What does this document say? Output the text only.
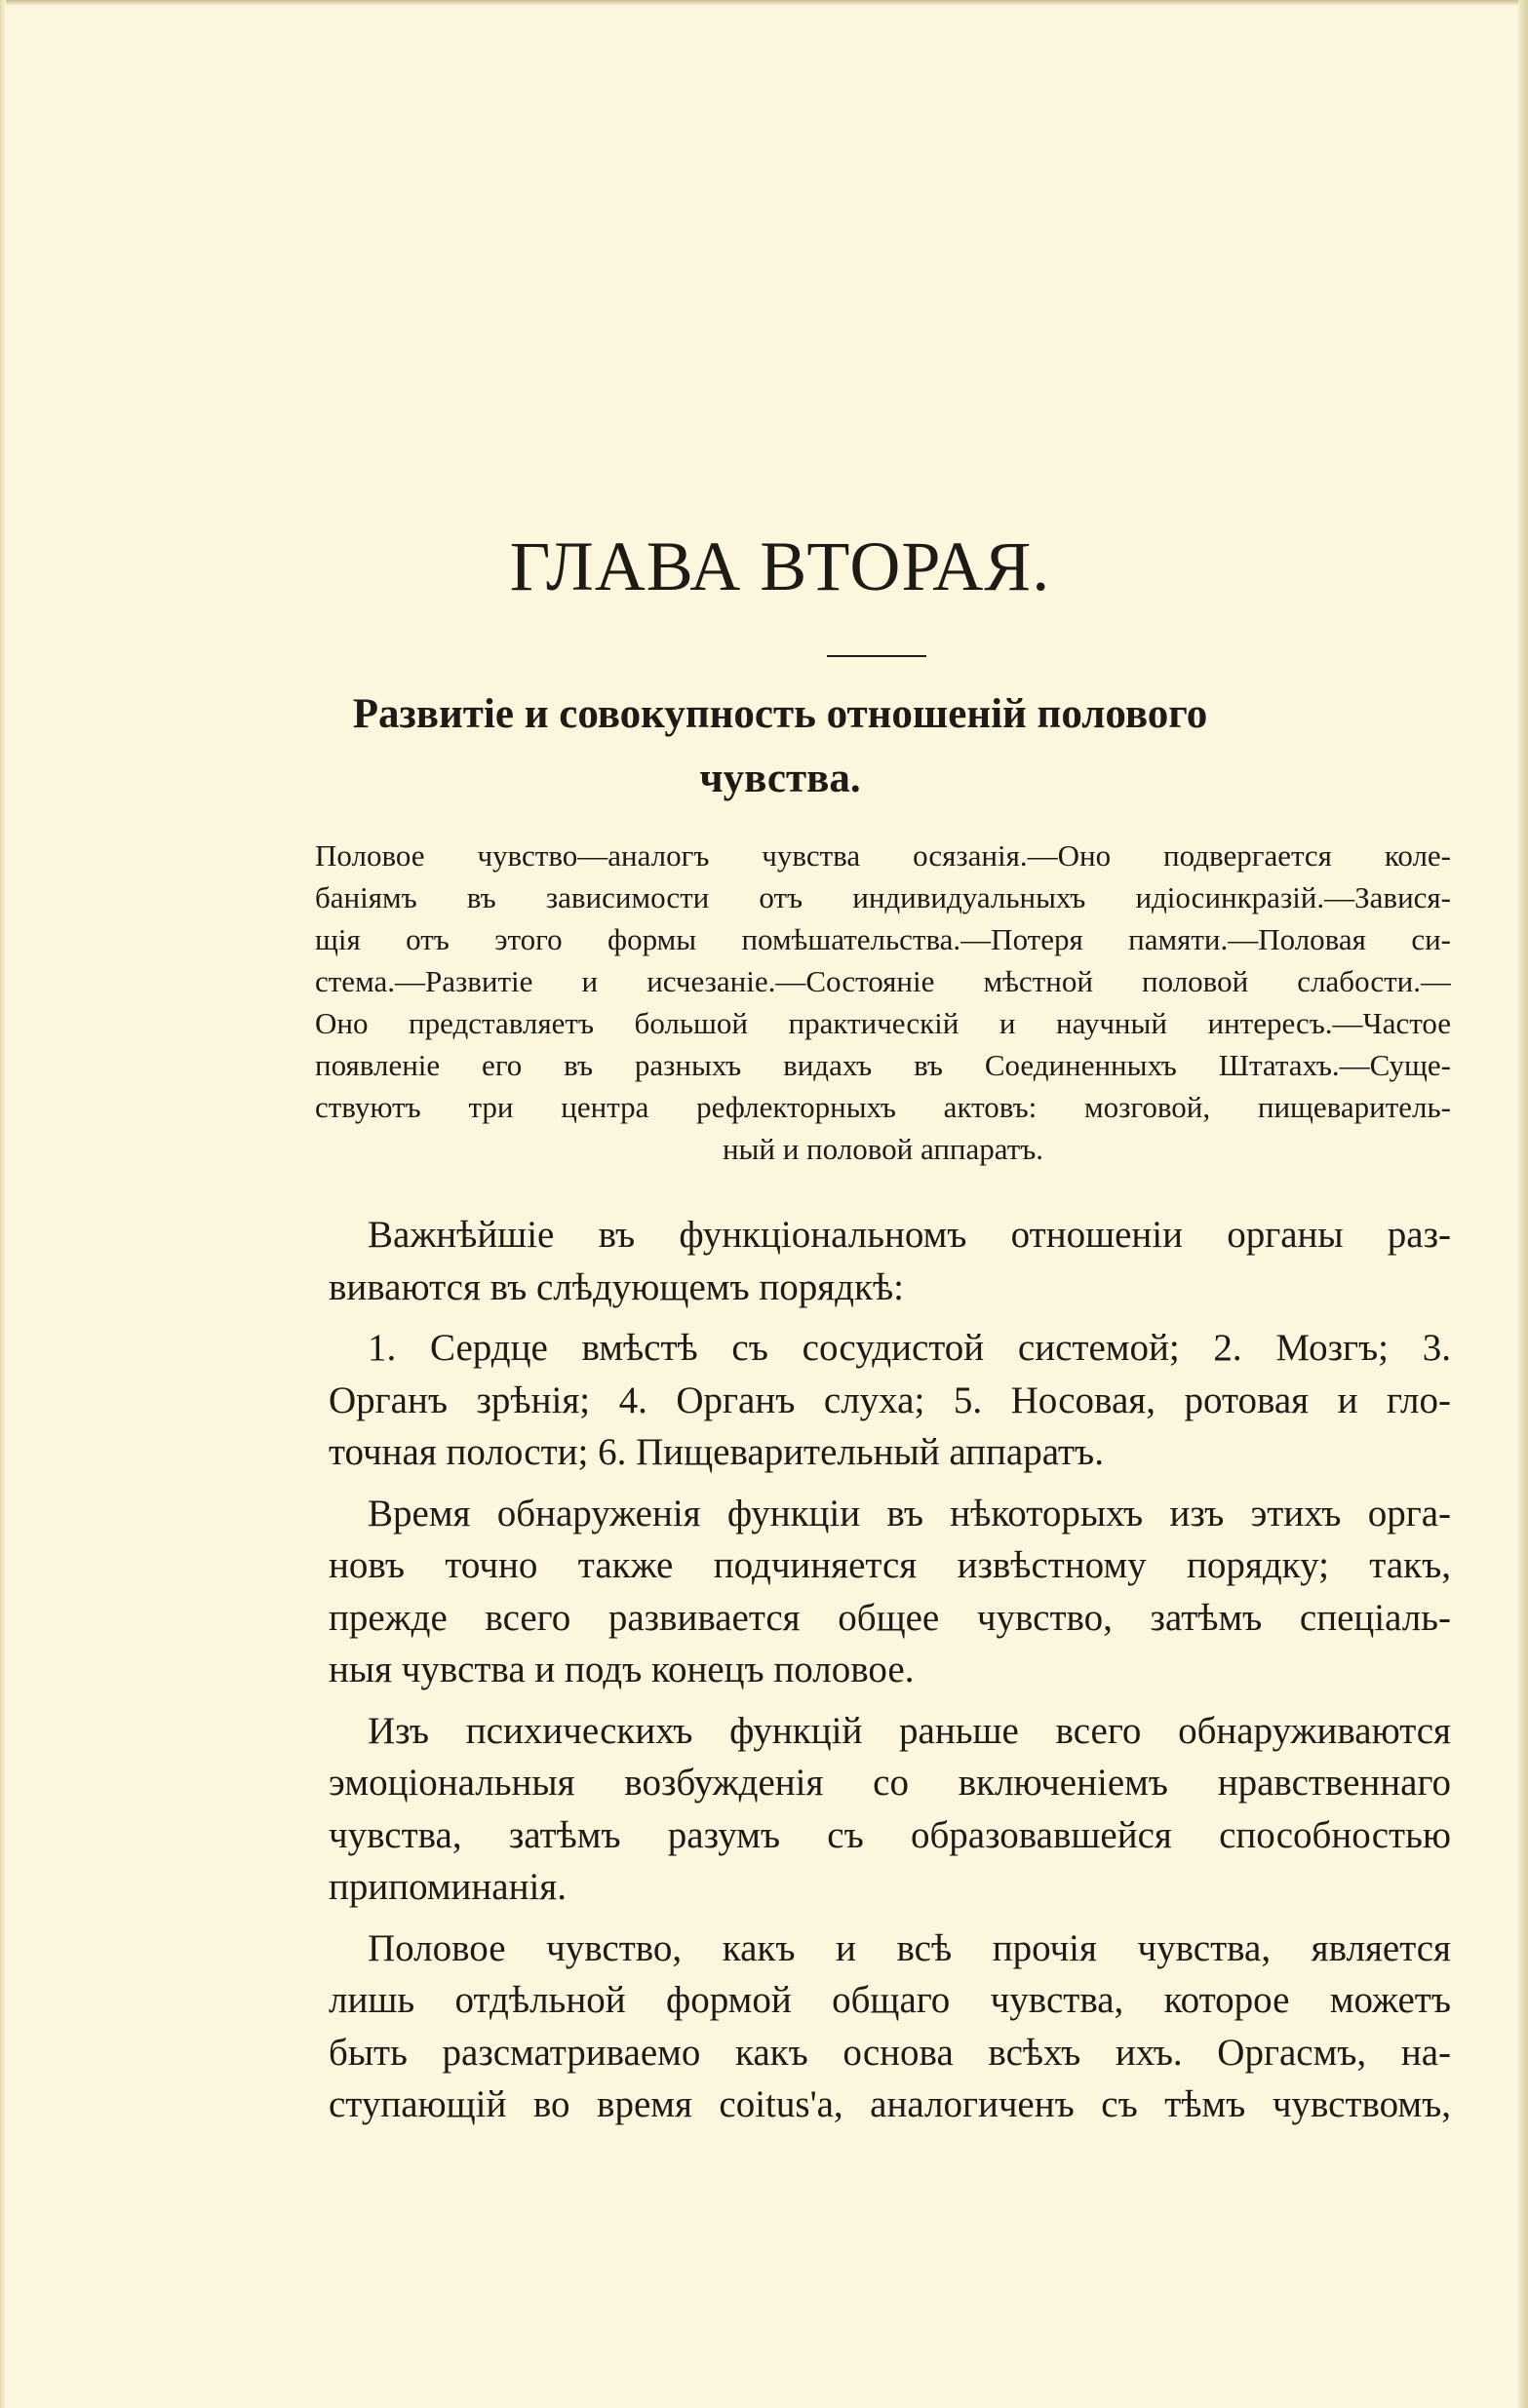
ГЛАВА ВТОРАЯ.
Развитіе и совокупность отношеній полового
чувства.
Половое чувство—аналогъ чувства осязанія.—Оно подвергается коле-
баніямъ въ зависимости отъ индивидуальныхъ идіосинкразій.—Завися-
щія отъ этого формы помѣшательства.—Потеря памяти.—Половая си-
стема.—Развитіе и исчезаніе.—Состояніе мѣстной половой слабости.—
Оно представляетъ большой практическій и научный интересъ.—Частое
появленіе его въ разныхъ видахъ въ Соединенныхъ Штатахъ.—Суще-
ствуютъ три центра рефлекторныхъ актовъ: мозговой, пищеваритель-
ный и половой аппаратъ.
Важнѣйшіе въ функціональномъ отношеніи органы раз-
виваются въ слѣдующемъ порядкѣ:
1. Сердце вмѣстѣ съ сосудистой системой; 2. Мозгъ; 3.
Органъ зрѣнія; 4. Органъ слуха; 5. Носовая, ротовая и гло-
точная полости; 6. Пищеварительный аппаратъ.
Время обнаруженія функціи въ нѣкоторыхъ изъ этихъ орга-
новъ точно также подчиняется извѣстному порядку; такъ,
прежде всего развивается общее чувство, затѣмъ спеціаль-
ныя чувства и подъ конецъ половое.
Изъ психическихъ функцій раньше всего обнаруживаются
эмоціональныя возбужденія со включеніемъ нравственнаго
чувства, затѣмъ разумъ съ образовавшейся способностью
припоминанія.
Половое чувство, какъ и всѣ прочія чувства, является
лишь отдѣльной формой общаго чувства, которое можетъ
быть разсматриваемо какъ основа всѣхъ ихъ. Оргасмъ, на-
ступающій во время coitus'а, аналогиченъ съ тѣмъ чувствомъ,
